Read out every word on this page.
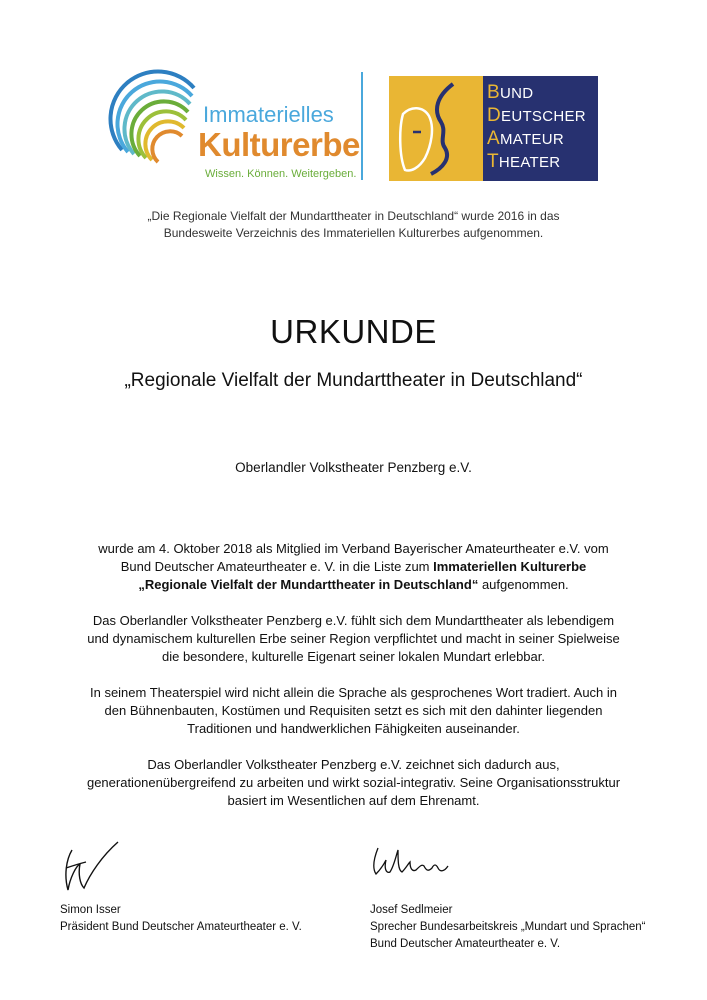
Immaterielles
Kulturerbe
Wissen. Können. Weitergeben.
BUND
DEUTSCHER
AMATEUR
THEATER
„Die Regionale Vielfalt der Mundarttheater in Deutschland“ wurde 2016 in das
Bundesweite Verzeichnis des Immateriellen Kulturerbes aufgenommen.
URKUNDE
„Regionale Vielfalt der Mundarttheater in Deutschland“
Oberlandler Volkstheater Penzberg e.V.
wurde am 4. Oktober 2018 als Mitglied im Verband Bayerischer Amateurtheater e.V. vom
Bund Deutscher Amateurtheater e. V. in die Liste zum Immateriellen Kulturerbe
„Regionale Vielfalt der Mundarttheater in Deutschland“ aufgenommen.
Das Oberlandler Volkstheater Penzberg e.V. fühlt sich dem Mundarttheater als lebendigem
und dynamischem kulturellen Erbe seiner Region verpflichtet und macht in seiner Spielweise
die besondere, kulturelle Eigenart seiner lokalen Mundart erlebbar.
In seinem Theaterspiel wird nicht allein die Sprache als gesprochenes Wort tradiert. Auch in
den Bühnenbauten, Kostümen und Requisiten setzt es sich mit den dahinter liegenden
Traditionen und handwerklichen Fähigkeiten auseinander.
Das Oberlandler Volkstheater Penzberg e.V. zeichnet sich dadurch aus,
generationenübergreifend zu arbeiten und wirkt sozial-integrativ. Seine Organisationsstruktur
basiert im Wesentlichen auf dem Ehrenamt.
Simon Isser
Präsident Bund Deutscher Amateurtheater e. V.
Josef Sedlmeier
Sprecher Bundesarbeitskreis „Mundart und Sprachen“
Bund Deutscher Amateurtheater e. V.
